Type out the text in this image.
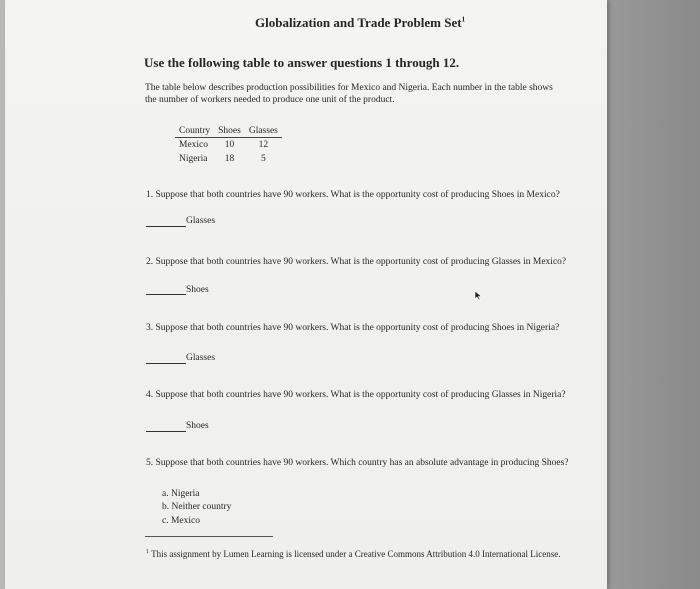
Globalization and Trade Problem Set$^1$
Use the following table to answer questions 1 through 12.
The table below describes production possibilities for Mexico and Nigeria. Each number in the table shows the number of workers needed to produce one unit of the product.
Country	Shoes	Glasses
Mexico	10	12
Nigeria	18	5
1. Suppose that both countries have 90 workers. What is the opportunity cost of producing Shoes in Mexico?
Glasses
2. Suppose that both countries have 90 workers. What is the opportunity cost of producing Glasses in Mexico?
Shoes
3. Suppose that both countries have 90 workers. What is the opportunity cost of producing Shoes in Nigeria?
Glasses
4. Suppose that both countries have 90 workers. What is the opportunity cost of producing Glasses in Nigeria?
Shoes
5. Suppose that both countries have 90 workers. Which country has an absolute advantage in producing Shoes?
a. Nigeria
b. Neither country
c. Mexico
$^1$ This assignment by Lumen Learning is licensed under a Creative Commons Attribution 4.0 International License.
